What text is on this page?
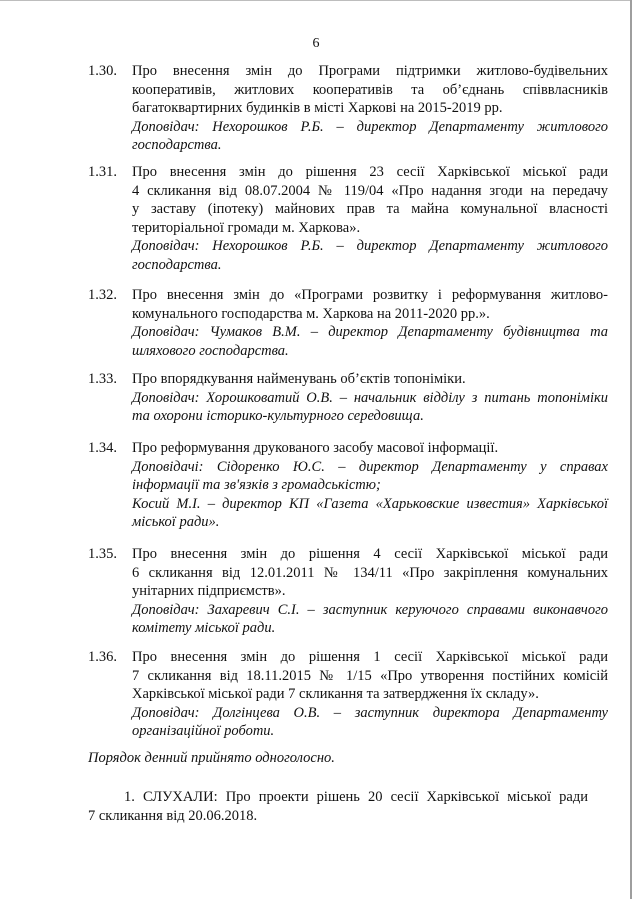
6
1.30. Про внесення змін до Програми підтримки житлово-будівельних
кооперативів, житлових кооперативів та об’єднань співвласників
багатоквартирних будинків в місті Харкові на 2015-2019 рр.
Доповідач: Нехорошков Р.Б. – директор Департаменту житлового
господарства.
1.31. Про внесення змін до рішення 23 сесії Харківської міської ради
4 скликання від 08.07.2004 № 119/04 «Про надання згоди на передачу
у заставу (іпотеку) майнових прав та майна комунальної власності
територіальної громади м. Харкова».
Доповідач: Нехорошков Р.Б. – директор Департаменту житлового
господарства.
1.32. Про внесення змін до «Програми розвитку і реформування житлово-
комунального господарства м. Харкова на 2011-2020 рр.».
Доповідач: Чумаков В.М. – директор Департаменту будівництва та
шляхового господарства.
1.33. Про впорядкування найменувань об’єктів топоніміки.
Доповідач: Хорошковатий О.В. – начальник відділу з питань топоніміки
та охорони історико-культурного середовища.
1.34. Про реформування друкованого засобу масової інформації.
Доповідачі: Сідоренко Ю.С. – директор Департаменту у справах
інформації та зв'язків з громадськістю;
Косий М.І. – директор КП «Газета «Харьковские известия» Харківської
міської ради».
1.35. Про внесення змін до рішення 4 сесії Харківської міської ради
6 скликання від 12.01.2011 № 134/11 «Про закріплення комунальних
унітарних підприємств».
Доповідач: Захаревич С.І. – заступник керуючого справами виконавчого
комітету міської ради.
1.36. Про внесення змін до рішення 1 сесії Харківської міської ради
7 скликання від 18.11.2015 № 1/15 «Про утворення постійних комісій
Харківської міської ради 7 скликання та затвердження їх складу».
Доповідач: Долгінцева О.В. – заступник директора Департаменту
організаційної роботи.
Порядок денний прийнято одноголосно.
1. СЛУХАЛИ: Про проекти рішень 20 сесії Харківської міської ради
7 скликання від 20.06.2018.
